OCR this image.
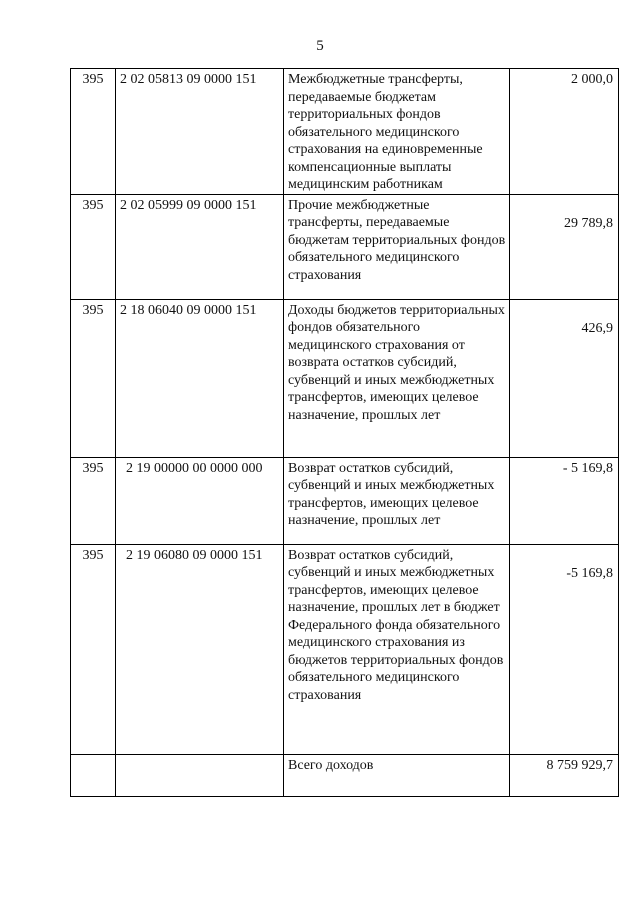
5
395	2 02 05813 09 0000 151	Межбюджетные трансферты, передаваемые бюджетам территориальных фондов обязательного медицинского страхования на единовременные компенсационные выплаты медицинским работникам	2 000,0
395	2 02 05999 09 0000 151	Прочие межбюджетные трансферты, передаваемые бюджетам территориальных фондов обязательного медицинского страхования	29 789,8
395	2 18 06040 09 0000 151	Доходы бюджетов территориальных фондов обязательного медицинского страхования от возврата остатков субсидий, субвенций и иных межбюджетных трансфертов, имеющих целевое назначение, прошлых лет	426,9
395	2 19 00000 00 0000 000	Возврат остатков субсидий, субвенций и иных межбюджетных трансфертов, имеющих целевое назначение, прошлых лет	- 5 169,8
395	2 19 06080 09 0000 151	Возврат остатков субсидий, субвенций и иных межбюджетных трансфертов, имеющих целевое назначение, прошлых лет в бюджет Федерального фонда обязательного медицинского страхования из бюджетов территориальных фондов обязательного медицинского страхования	-5 169,8
		Всего доходов	8 759 929,7
